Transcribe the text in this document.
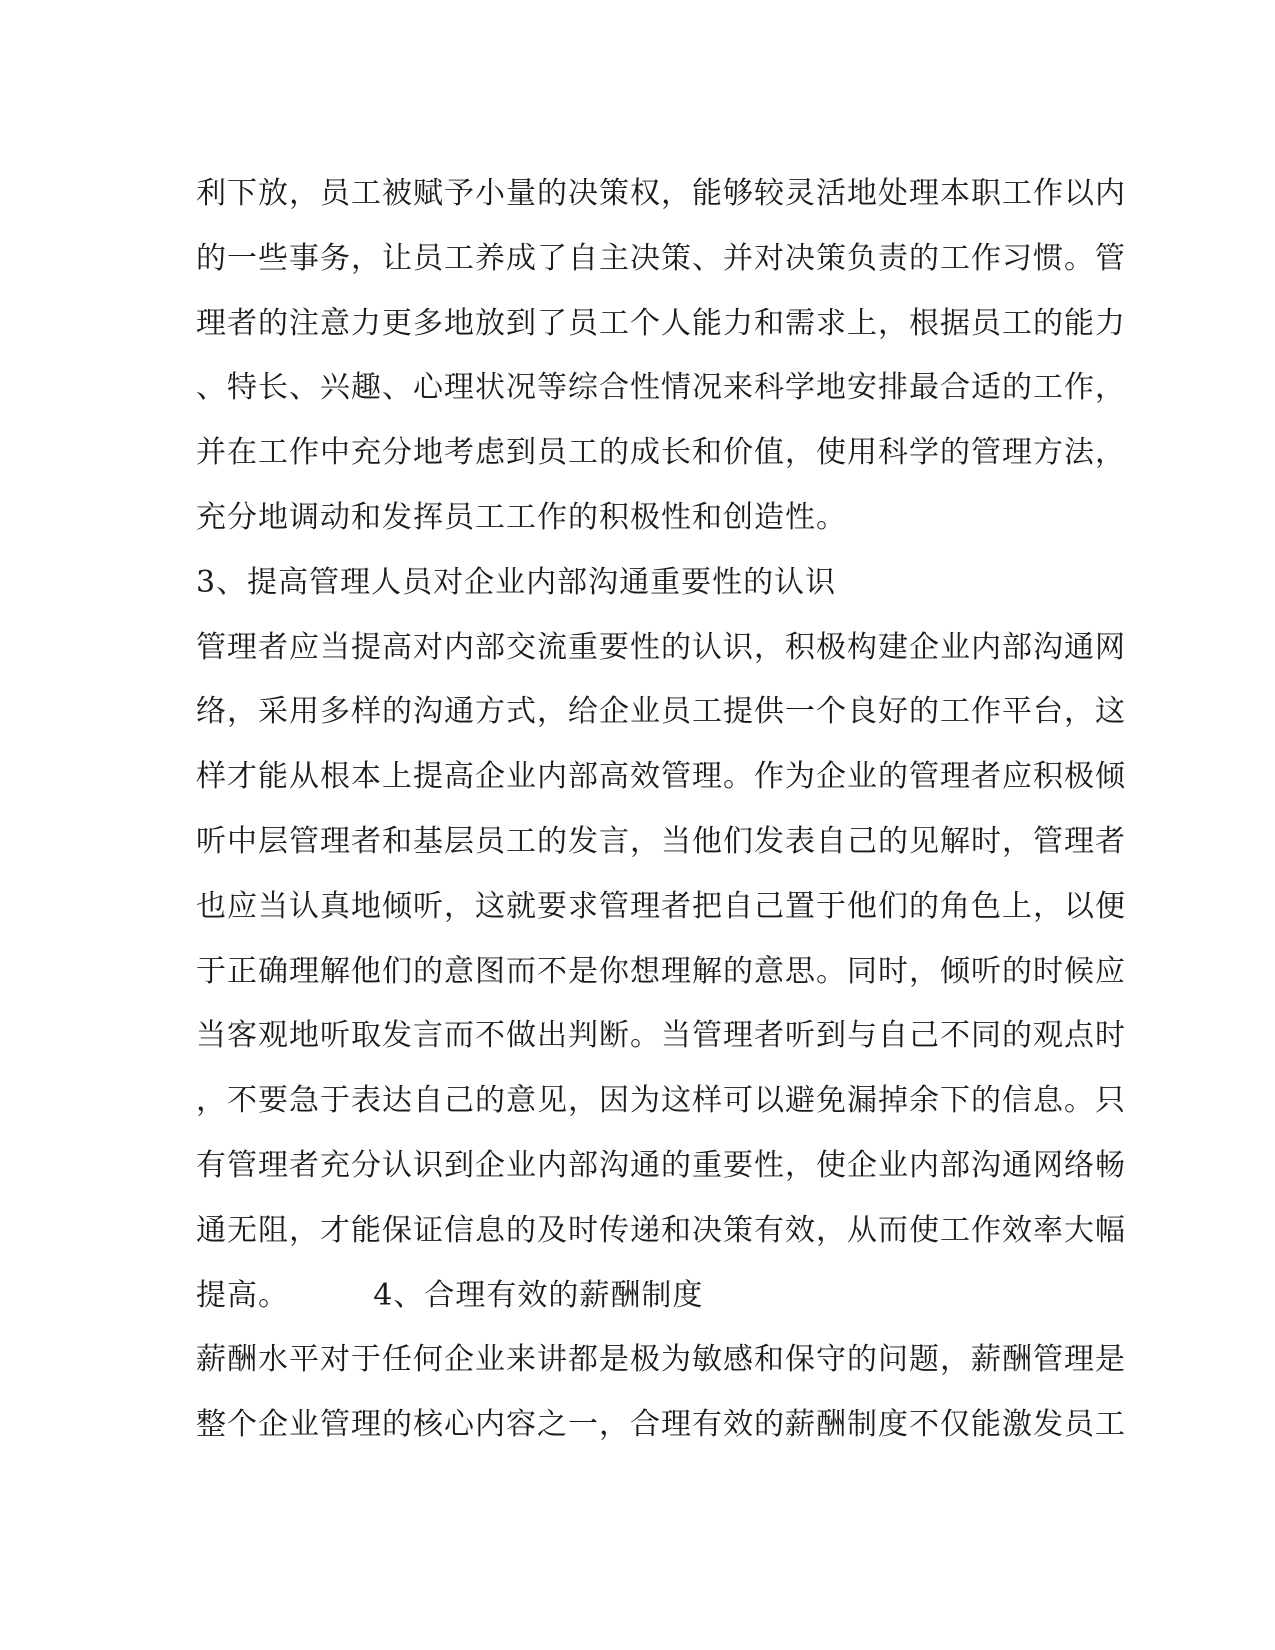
利下放，员工被赋予小量的决策权，能够较灵活地处理本职工作以内
的一些事务，让员工养成了自主决策、并对决策负责的工作习惯。管
理者的注意力更多地放到了员工个人能力和需求上，根据员工的能力
、特长、兴趣、心理状况等综合性情况来科学地安排最合适的工作，
并在工作中充分地考虑到员工的成长和价值，使用科学的管理方法，
充分地调动和发挥员工工作的积极性和创造性。
3、提高管理人员对企业内部沟通重要性的认识
管理者应当提高对内部交流重要性的认识，积极构建企业内部沟通网
络，采用多样的沟通方式，给企业员工提供一个良好的工作平台，这
样才能从根本上提高企业内部高效管理。作为企业的管理者应积极倾
听中层管理者和基层员工的发言，当他们发表自己的见解时，管理者
也应当认真地倾听，这就要求管理者把自己置于他们的角色上，以便
于正确理解他们的意图而不是你想理解的意思。同时，倾听的时候应
当客观地听取发言而不做出判断。当管理者听到与自己不同的观点时
，不要急于表达自己的意见，因为这样可以避免漏掉余下的信息。只
有管理者充分认识到企业内部沟通的重要性，使企业内部沟通网络畅
通无阻，才能保证信息的及时传递和决策有效，从而使工作效率大幅
提高。        4、合理有效的薪酬制度
薪酬水平对于任何企业来讲都是极为敏感和保守的问题，薪酬管理是
整个企业管理的核心内容之一，合理有效的薪酬制度不仅能激发员工
